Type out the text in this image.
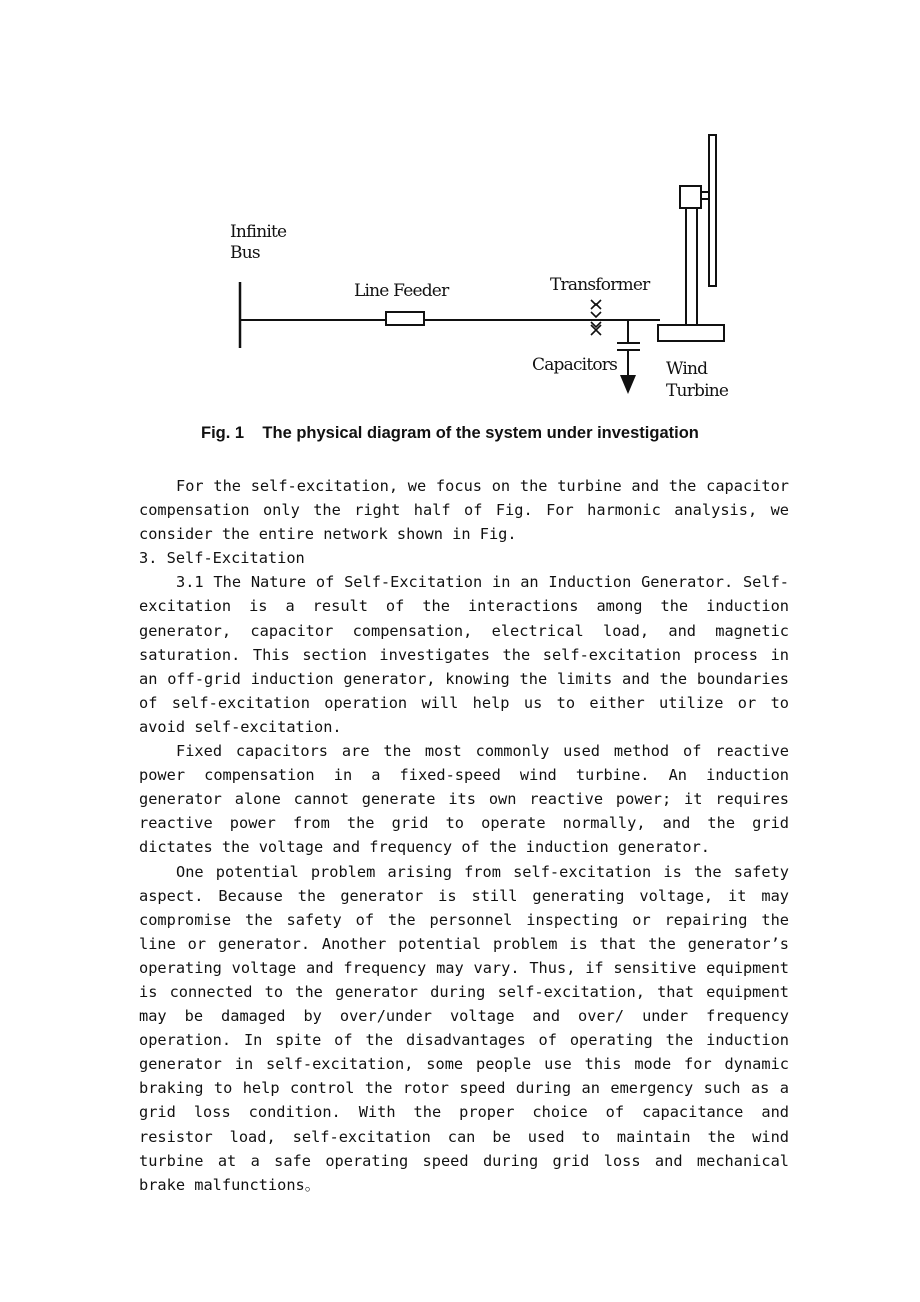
Infinite
Bus
Line Feeder	Transformer
Capacitors	Wind
Turbine
Fig. 1    The physical diagram of the system under investigation

For the self-excitation, we focus on the turbine and the capacitor compensation only the right half of Fig. For harmonic analysis, we consider the entire network shown in Fig.

3. Self-Excitation

3.1 The Nature of Self-Excitation in an Induction Generator. Self-excitation is a result of the interactions among the induction generator, capacitor compensation, electrical load, and magnetic saturation. This section investigates the self-excitation process in an off-grid induction generator, knowing the limits and the boundaries of self-excitation operation will help us to either utilize or to avoid self-excitation.

Fixed capacitors are the most commonly used method of reactive power compensation in a fixed-speed wind turbine. An induction generator alone cannot generate its own reactive power; it requires reactive power from the grid to operate normally, and the grid dictates the voltage and frequency of the induction generator.

One potential problem arising from self-excitation is the safety aspect. Because the generator is still generating voltage, it may compromise the safety of the personnel inspecting or repairing the line or generator. Another potential problem is that the generator’s operating voltage and frequency may vary. Thus, if sensitive equipment is connected to the generator during self-excitation, that equipment may be damaged by over/under voltage and over/ under frequency operation. In spite of the disadvantages of operating the induction generator in self-excitation, some people use this mode for dynamic braking to help control the rotor speed during an emergency such as a grid loss condition. With the proper choice of capacitance and resistor load, self-excitation can be used to maintain the wind turbine at a safe operating speed during grid loss and mechanical brake malfunctions。
